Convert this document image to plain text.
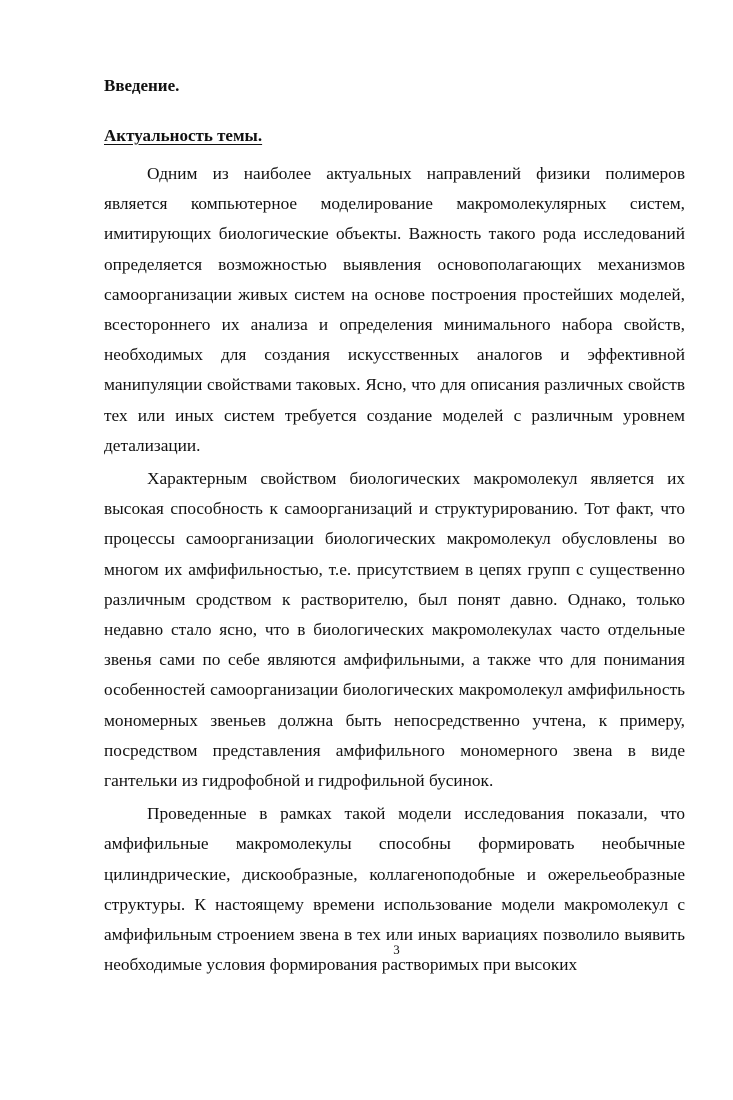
Введение.
Актуальность темы.

Одним из наиболее актуальных направлений физики полимеров является компьютерное моделирование макромолекулярных систем, имитирующих биологические объекты. Важность такого рода исследований определяется возможностью выявления основополагающих механизмов самоорганизации живых систем на основе построения простейших моделей, всестороннего их анализа и определения минимального набора свойств, необходимых для создания искусственных аналогов и эффективной манипуляции свойствами таковых. Ясно, что для описания различных свойств тех или иных систем требуется создание моделей с различным уровнем детализации.

Характерным свойством биологических макромолекул является их высокая способность к самоорганизаций и структурированию. Тот факт, что процессы самоорганизации биологических макромолекул обусловлены во многом их амфифильностью, т.е. присутствием в цепях групп с существенно различным сродством к растворителю, был понят давно. Однако, только недавно стало ясно, что в биологических макромолекулах часто отдельные звенья сами по себе являются амфифильными, а также что для понимания особенностей самоорганизации биологических макромолекул амфифильность мономерных звеньев должна быть непосредственно учтена, к примеру, посредством представления амфифильного мономерного звена в виде гантельки из гидрофобной и гидрофильной бусинок.

Проведенные в рамках такой модели исследования показали, что амфифильные макромолекулы способны формировать необычные цилиндрические, дискообразные, коллагеноподобные и ожерельеобразные структуры. К настоящему времени использование модели макромолекул с амфифильным строением звена в тех или иных вариациях позволило выявить необходимые условия формирования растворимых при высоких

3
